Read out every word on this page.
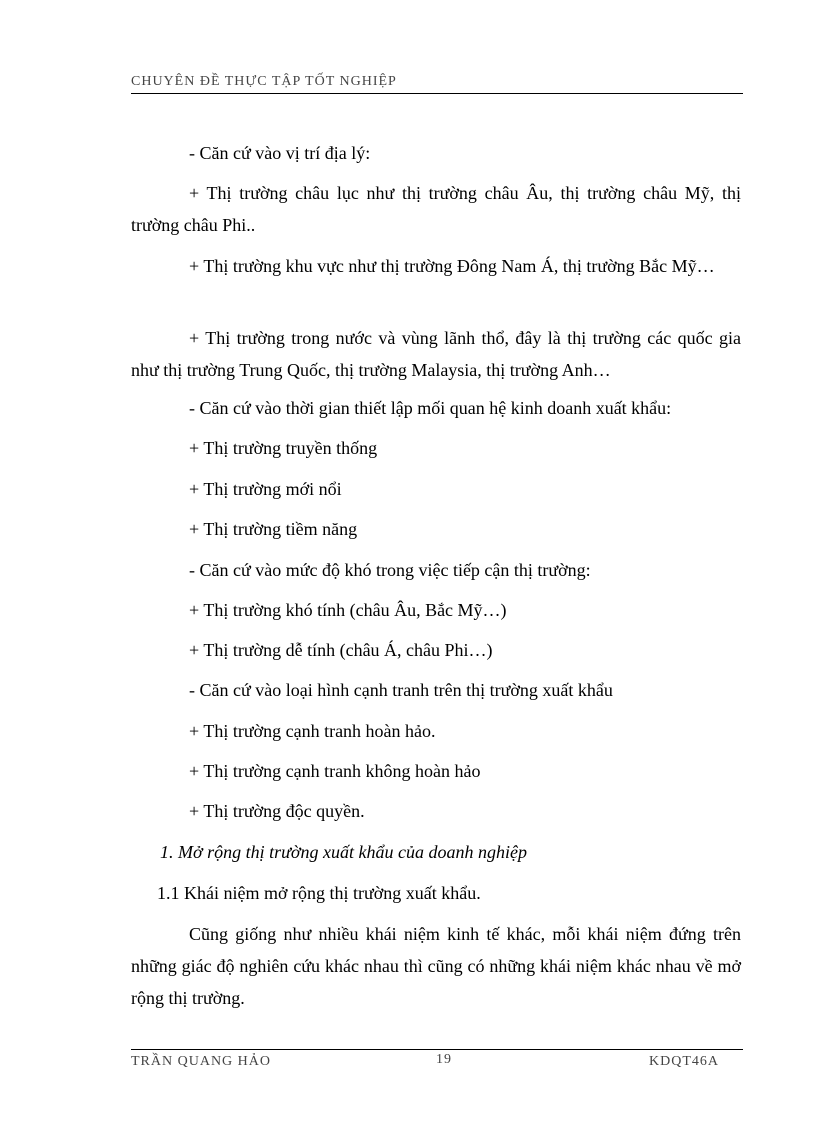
CHUYÊN ĐỀ THỰC TẬP TỐT NGHIỆP
- Căn cứ vào vị trí địa lý:
+ Thị trường châu lục như thị trường châu Âu, thị trường châu Mỹ, thị trường châu Phi..
+ Thị trường khu vực như thị trường Đông Nam Á, thị trường Bắc Mỹ…
+ Thị trường trong nước và vùng lãnh thổ, đây là thị trường các quốc gia như thị trường Trung Quốc, thị trường Malaysia, thị trường Anh…
- Căn cứ vào thời gian thiết lập mối quan hệ kinh doanh xuất khẩu:
+ Thị trường truyền thống
+ Thị trường mới nổi
+ Thị trường tiềm năng
- Căn cứ vào mức độ khó trong việc tiếp cận thị trường:
+ Thị trường khó tính (châu Âu, Bắc Mỹ…)
+ Thị trường dễ tính (châu Á, châu Phi…)
- Căn cứ vào loại hình cạnh tranh trên thị trường xuất khẩu
+ Thị trường cạnh tranh hoàn hảo.
+ Thị trường cạnh tranh không hoàn hảo
+ Thị trường độc quyền.
1. Mở rộng thị trường xuất khẩu của doanh nghiệp
1.1 Khái niệm mở rộng thị trường xuất khẩu.
Cũng giống như nhiều khái niệm kinh tế khác, mỗi khái niệm đứng trên những giác độ nghiên cứu khác nhau thì cũng có những khái niệm khác nhau về mở rộng thị trường.
TRẦN QUANG HẢO	19	KDQT46A
